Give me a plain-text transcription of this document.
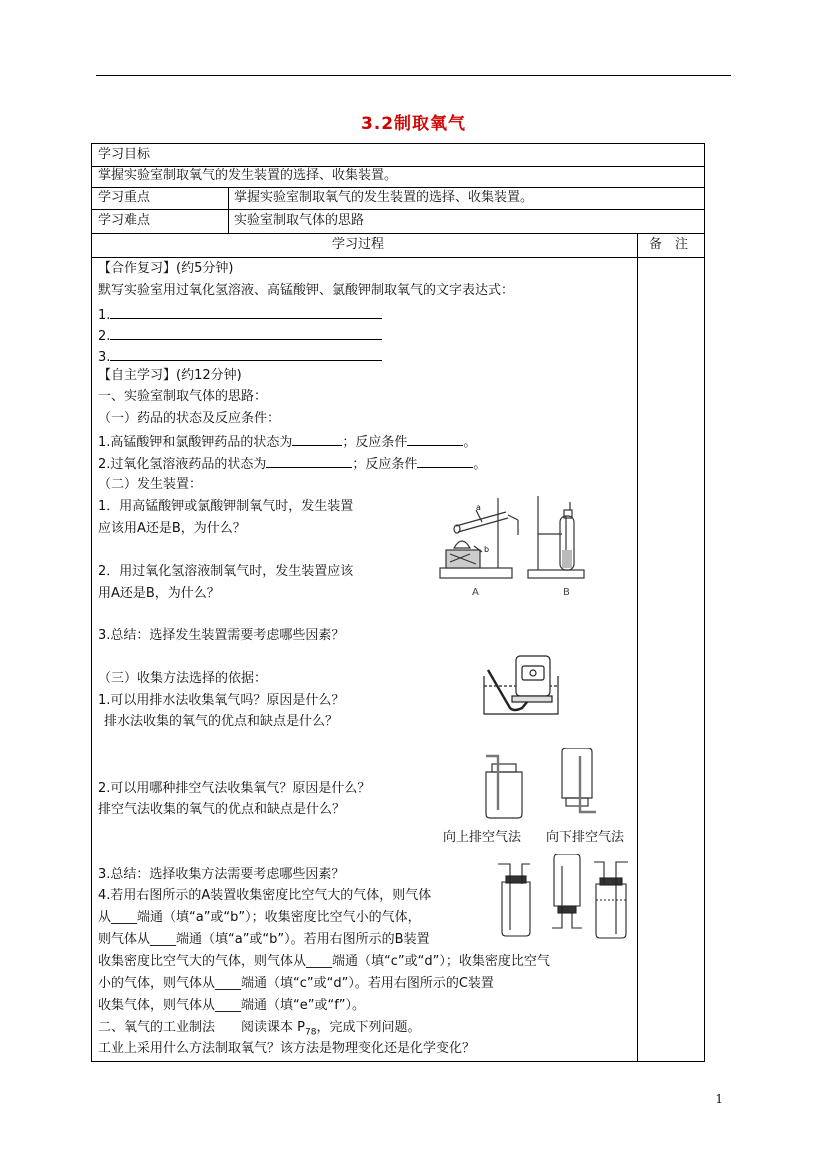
3.2制取氧气
学习目标
掌握实验室制取氧气的发生装置的选择、收集装置。
学习重点	掌握实验室制取氧气的发生装置的选择、收集装置。
学习难点	实验室制取气体的思路
学习过程	备　注
【合作复习】(约5分钟)
默写实验室用过氧化氢溶液、高锰酸钾、氯酸钾制取氧气的文字表达式：
1.
2.
3.
【自主学习】(约12分钟)
一、实验室制取气体的思路：
（一）药品的状态及反应条件：
1.高锰酸钾和氯酸钾药品的状态为	；反应条件	。
2.过氧化氢溶液药品的状态为	；反应条件	。
（二）发生装置：
1．用高锰酸钾或氯酸钾制氧气时，发生装置
应该用A还是B，为什么？
2．用过氧化氢溶液制氧气时，发生装置应该
用A还是B，为什么？
3.总结：选择发生装置需要考虑哪些因素？
（三）收集方法选择的依据：
1.可以用排水法收集氧气吗？原因是什么？
排水法收集的氧气的优点和缺点是什么？
2.可以用哪种排空气法收集氧气？原因是什么？
排空气法收集的氧气的优点和缺点是什么？
3.总结：选择收集方法需要考虑哪些因素？
4.若用右图所示的A装置收集密度比空气大的气体，则气体
从____端通（填“a”或“b”）；收集密度比空气小的气体，
则气体从____端通（填“a”或“b”）。若用右图所示的B装置
收集密度比空气大的气体，则气体从____端通（填“c”或“d”）；收集密度比空气
小的气体，则气体从____端通（填“c”或“d”）。若用右图所示的C装置
收集气体，则气体从____端通（填“e”或“f”）。
二、氧气的工业制法　　阅读课本 $P_{78}$，完成下列问题。
工业上采用什么方法制取氧气？该方法是物理变化还是化学变化？
a
b
A	B
向上排空气法 向下排空气法
1
